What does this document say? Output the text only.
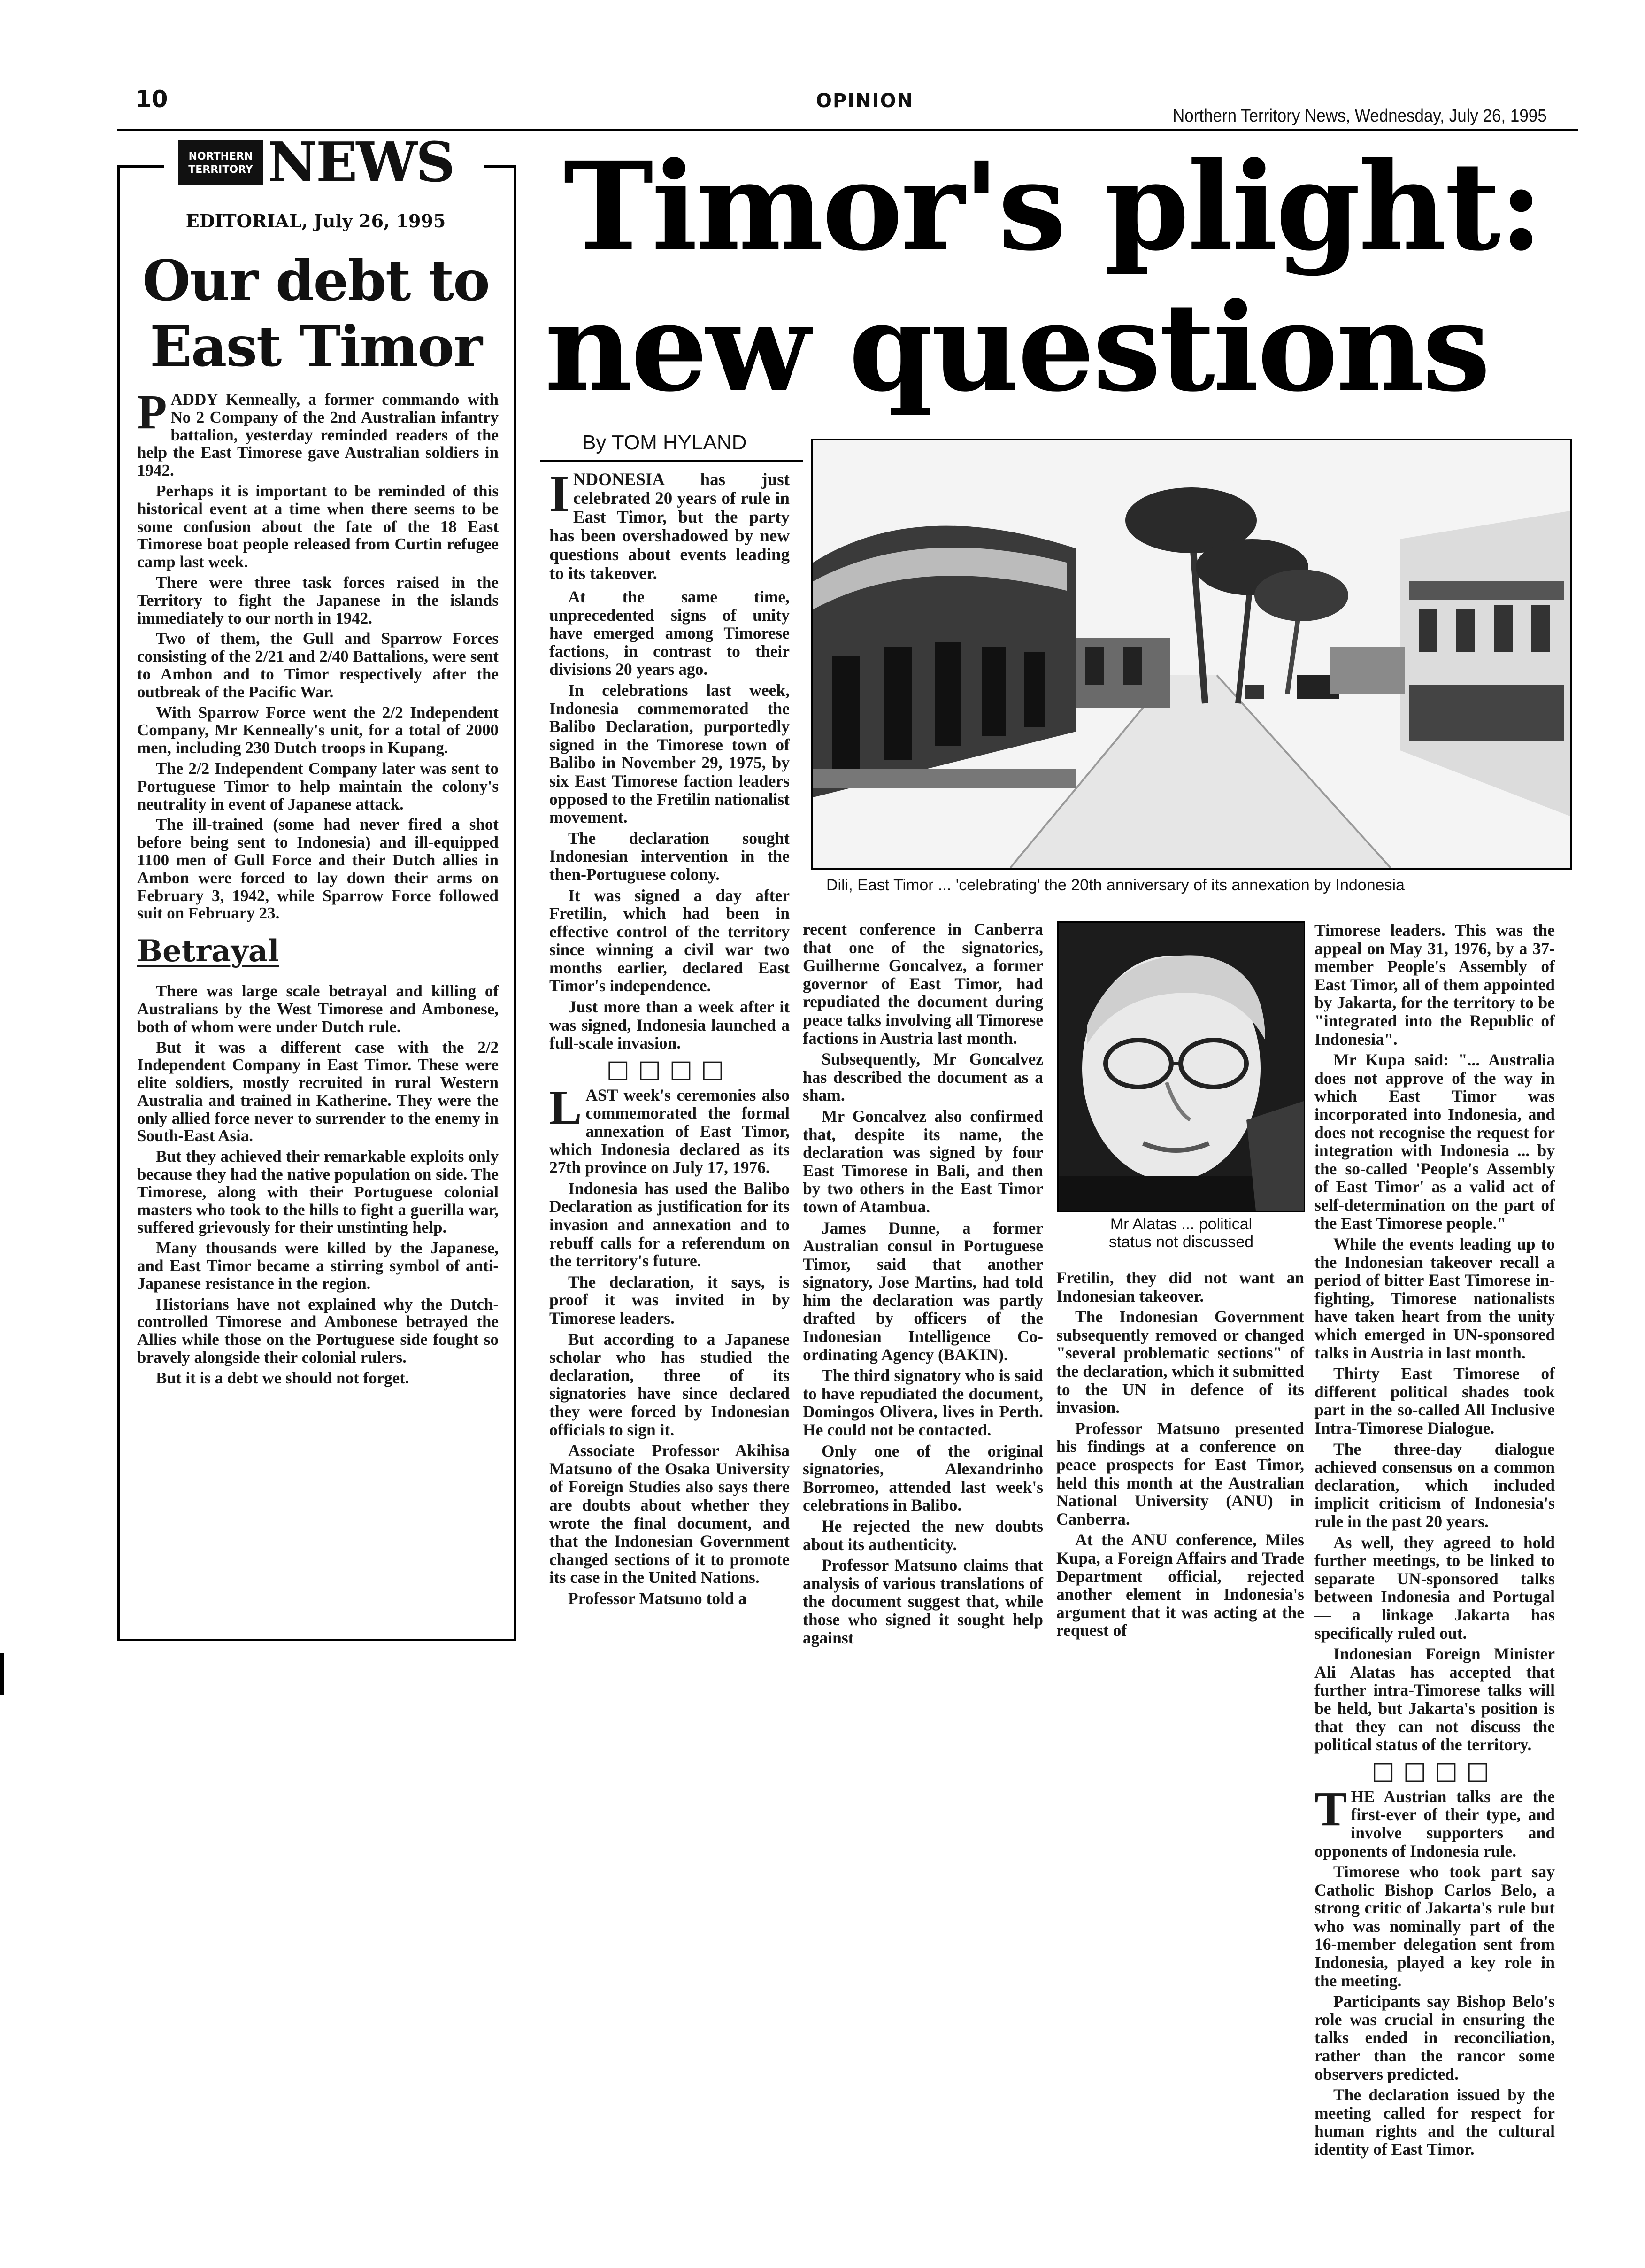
10	OPINION
Northern Territory News, Wednesday, July 26, 1995
NORTHERN
TERRITORY NEWS
EDITORIAL, July 26, 1995
Our debt to
East Timor

PADDY Kenneally, a former commando with No 2 Company of the 2nd Australian infantry battalion, yesterday reminded readers of the help the East Timorese gave Australian soldiers in 1942.

Perhaps it is important to be reminded of this historical event at a time when there seems to be some confusion about the fate of the 18 East Timorese boat people released from Curtin refugee camp last week.

There were three task forces raised in the Territory to fight the Japanese in the islands immediately to our north in 1942.

Two of them, the Gull and Sparrow Forces consisting of the 2/21 and 2/40 Battalions, were sent to Ambon and to Timor respectively after the outbreak of the Pacific War.

With Sparrow Force went the 2/2 Independent Company, Mr Kenneally's unit, for a total of 2000 men, including 230 Dutch troops in Kupang.

The 2/2 Independent Company later was sent to Portuguese Timor to help maintain the colony's neutrality in event of Japanese attack.

The ill-trained (some had never fired a shot before being sent to Indonesia) and ill-equipped 1100 men of Gull Force and their Dutch allies in Ambon were forced to lay down their arms on February 3, 1942, while Sparrow Force followed suit on February 23.

Betrayal

There was large scale betrayal and killing of Australians by the West Timorese and Ambonese, both of whom were under Dutch rule.

But it was a different case with the 2/2 Independent Company in East Timor. These were elite soldiers, mostly recruited in rural Western Australia and trained in Katherine. They were the only allied force never to surrender to the enemy in South-East Asia.

But they achieved their remarkable exploits only because they had the native population on side. The Timorese, along with their Portuguese colonial masters who took to the hills to fight a guerilla war, suffered grievously for their unstinting help.

Many thousands were killed by the Japanese, and East Timor became a stirring symbol of anti-Japanese resistance in the region.

Historians have not explained why the Dutch-controlled Timorese and Ambonese betrayed the Allies while those on the Portuguese side fought so bravely alongside their colonial rulers.

But it is a debt we should not forget.

Timor's plight:
new questions
By TOM HYLAND
Dili, East Timor ... 'celebrating' the 20th anniversary of its annexation by Indonesia
Mr Alatas ... political
status not discussed

INDONESIA has just celebrated 20 years of rule in East Timor, but the party has been overshadowed by new questions about events leading to its takeover.

At the same time, unprecedented signs of unity have emerged among Timorese factions, in contrast to their divisions 20 years ago.

In celebrations last week, Indonesia commemorated the Balibo Declaration, purportedly signed in the Timorese town of Balibo in November 29, 1975, by six East Timorese faction leaders opposed to the Fretilin nationalist movement.

The declaration sought Indonesian intervention in the then-Portuguese colony.

It was signed a day after Fretilin, which had been in effective control of the territory since winning a civil war two months earlier, declared East Timor's independence.

Just more than a week after it was signed, Indonesia launched a full-scale invasion.

□□□□

LAST week's ceremonies also commemorated the formal annexation of East Timor, which Indonesia declared as its 27th province on July 17, 1976.

Indonesia has used the Balibo Declaration as justification for its invasion and annexation and to rebuff calls for a referendum on the territory's future.

The declaration, it says, is proof it was invited in by Timorese leaders.

But according to a Japanese scholar who has studied the declaration, three of its signatories have since declared they were forced by Indonesian officials to sign it.

Associate Professor Akihisa Matsuno of the Osaka University of Foreign Studies also says there are doubts about whether they wrote the final document, and that the Indonesian Government changed sections of it to promote its case in the United Nations.

Professor Matsuno told a

recent conference in Canberra that one of the signatories, Guilherme Goncalvez, a former governor of East Timor, had repudiated the document during peace talks involving all Timorese factions in Austria last month.

Subsequently, Mr Goncalvez has described the document as a sham.

Mr Goncalvez also confirmed that, despite its name, the declaration was signed by four East Timorese in Bali, and then by two others in the East Timor town of Atambua.

James Dunne, a former Australian consul in Portuguese Timor, said that another signatory, Jose Martins, had told him the declaration was partly drafted by officers of the Indonesian Intelligence Co-ordinating Agency (BAKIN).

The third signatory who is said to have repudiated the document, Domingos Olivera, lives in Perth. He could not be contacted.

Only one of the original signatories, Alexandrinho Borromeo, attended last week's celebrations in Balibo.

He rejected the new doubts about its authenticity.

Professor Matsuno claims that analysis of various translations of the document suggest that, while those who signed it sought help against

Fretilin, they did not want an Indonesian takeover.

The Indonesian Government subsequently removed or changed "several problematic sections" of the declaration, which it submitted to the UN in defence of its invasion.

Professor Matsuno presented his findings at a conference on peace prospects for East Timor, held this month at the Australian National University (ANU) in Canberra.

At the ANU conference, Miles Kupa, a Foreign Affairs and Trade Department official, rejected another element in Indonesia's argument that it was acting at the request of

Timorese leaders. This was the appeal on May 31, 1976, by a 37-member People's Assembly of East Timor, all of them appointed by Jakarta, for the territory to be "integrated into the Republic of Indonesia".

Mr Kupa said: "... Australia does not approve of the way in which East Timor was incorporated into Indonesia, and does not recognise the request for integration with Indonesia ... by the so-called 'People's Assembly of East Timor' as a valid act of self-determination on the part of the East Timorese people."

While the events leading up to the Indonesian takeover recall a period of bitter East Timorese in-fighting, Timorese nationalists have taken heart from the unity which emerged in UN-sponsored talks in Austria in last month.

Thirty East Timorese of different political shades took part in the so-called All Inclusive Intra-Timorese Dialogue.

The three-day dialogue achieved consensus on a common declaration, which included implicit criticism of Indonesia's rule in the past 20 years.

As well, they agreed to hold further meetings, to be linked to separate UN-sponsored talks between Indonesia and Portugal — a linkage Jakarta has specifically ruled out.

Indonesian Foreign Minister Ali Alatas has accepted that further intra-Timorese talks will be held, but Jakarta's position is that they can not discuss the political status of the territory.

□□□□

THE Austrian talks are the first-ever of their type, and involve supporters and opponents of Indonesia rule.

Timorese who took part say Catholic Bishop Carlos Belo, a strong critic of Jakarta's rule but who was nominally part of the 16-member delegation sent from Indonesia, played a key role in the meeting.

Participants say Bishop Belo's role was crucial in ensuring the talks ended in reconciliation, rather than the rancor some observers predicted.

The declaration issued by the meeting called for respect for human rights and the cultural identity of East Timor.
